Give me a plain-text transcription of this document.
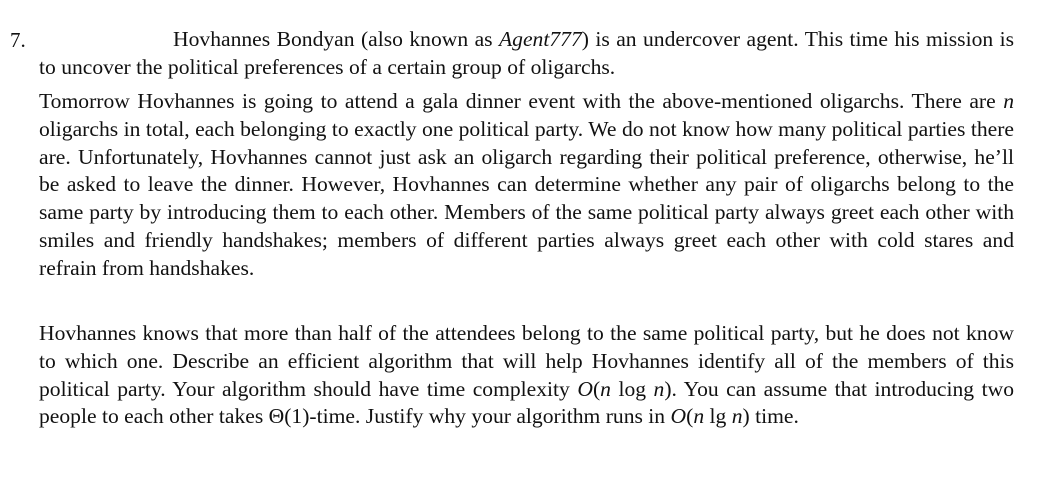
7.	Hovhannes Bondyan (also known as Agent777) is an undercover agent. This time his mission is to uncover the political preferences of a certain group of oligarchs.

Tomorrow Hovhannes is going to attend a gala dinner event with the above-mentioned oligarchs. There are n oligarchs in total, each belonging to exactly one political party. We do not know how many political parties there are. Unfortunately, Hovhannes cannot just ask an oligarch regarding their political preference, otherwise, he’ll be asked to leave the dinner. However, Hovhannes can determine whether any pair of oligarchs belong to the same party by introducing them to each other. Members of the same political party always greet each other with smiles and friendly handshakes; members of different parties always greet each other with cold stares and refrain from handshakes.

Hovhannes knows that more than half of the attendees belong to the same political party, but he does not know to which one. Describe an efficient algorithm that will help Hovhannes identify all of the members of this political party. Your algorithm should have time complexity O(n log n). You can assume that introducing two people to each other takes Θ(1)-time. Justify why your algorithm runs in O(n lg n) time.
